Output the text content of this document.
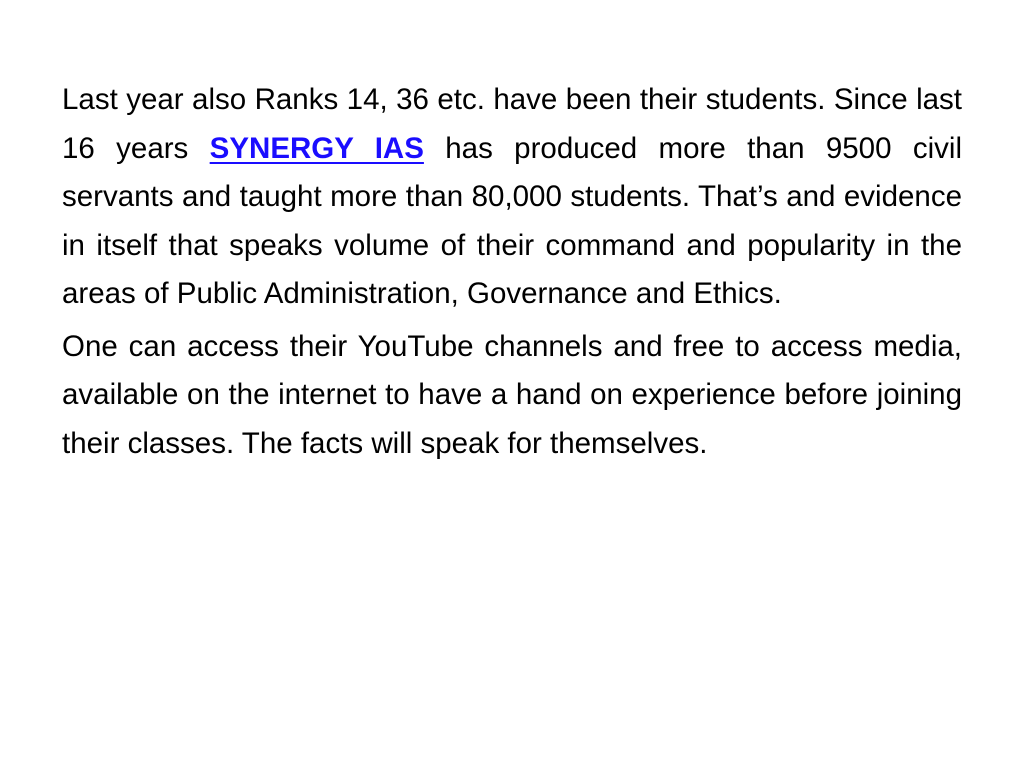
Last year also Ranks 14, 36 etc. have been their students. Since last 16 years SYNERGY IAS has produced more than 9500 civil servants and taught more than 80,000 students. That’s and evidence in itself that speaks volume of their command and popularity in the areas of Public Administration, Governance and Ethics.

One can access their YouTube channels and free to access media, available on the internet to have a hand on experience before joining their classes. The facts will speak for themselves.
